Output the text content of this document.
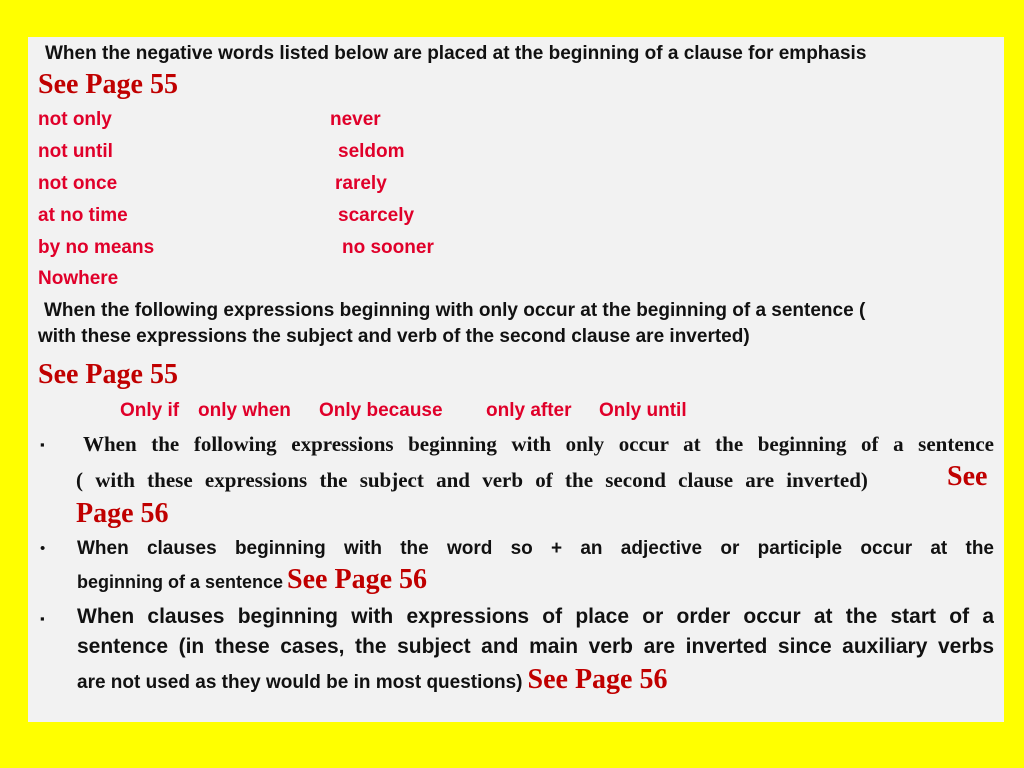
When the negative words listed below are placed at the beginning of a clause for emphasis
See Page 55
not only
not until
not once
at no time
by no means
Nowhere
never
seldom
rarely
scarcely
no sooner
When the following expressions beginning with only occur at the beginning of a sentence (
with these expressions the subject and verb of the second clause are inverted)
See Page 55
Only if only when Only because only after Only until
▪ When the following expressions beginning with only occur at the beginning of a sentence
( with these expressions the subject and verb of the second clause are inverted)	See
Page 56
• When clauses beginning with the word so + an adjective or participle occur at the
beginning of a sentence See Page 56
▪ When clauses beginning with expressions of place or order occur at the start of a
sentence (in these cases, the subject and main verb are inverted since auxiliary verbs
are not used as they would be in most questions) See Page 56
